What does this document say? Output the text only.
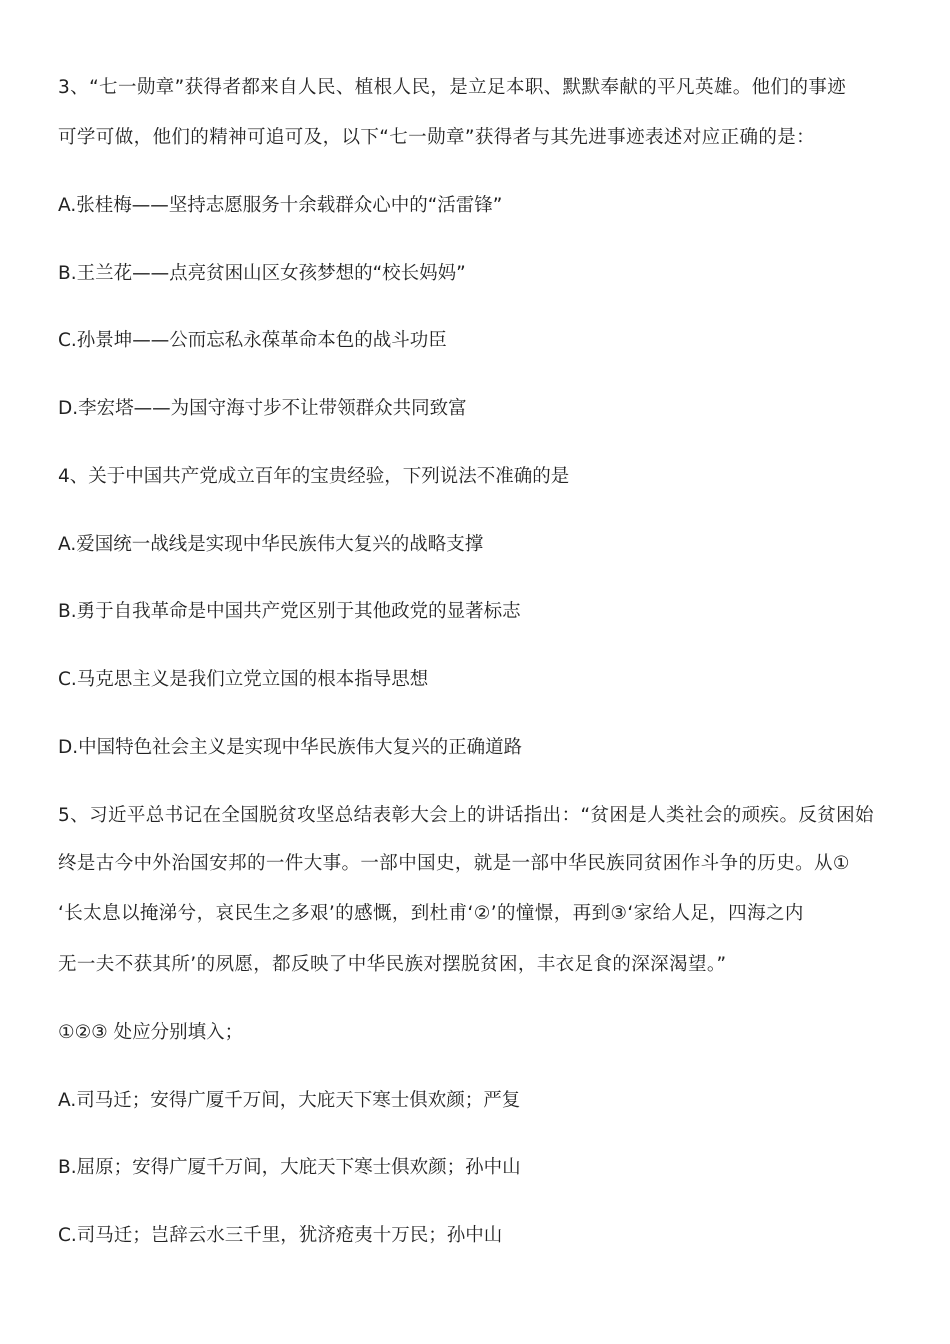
3、“七一勋章”获得者都来自人民、植根人民，是立足本职、默默奉献的平凡英雄。他们的事迹
可学可做，他们的精神可追可及，以下“七一勋章”获得者与其先进事迹表述对应正确的是：
A.张桂梅——坚持志愿服务十余载群众心中的“活雷锋”
B.王兰花——点亮贫困山区女孩梦想的“校长妈妈”
C.孙景坤——公而忘私永葆革命本色的战斗功臣
D.李宏塔——为国守海寸步不让带领群众共同致富
4、关于中国共产党成立百年的宝贵经验，下列说法不准确的是
A.爱国统一战线是实现中华民族伟大复兴的战略支撑
B.勇于自我革命是中国共产党区别于其他政党的显著标志
C.马克思主义是我们立党立国的根本指导思想
D.中国特色社会主义是实现中华民族伟大复兴的正确道路
5、习近平总书记在全国脱贫攻坚总结表彰大会上的讲话指出：“贫困是人类社会的顽疾。反贫困始
终是古今中外治国安邦的一件大事。一部中国史，就是一部中华民族同贫困作斗争的历史。从①
‘长太息以掩涕兮，哀民生之多艰’的感慨，到杜甫‘②’的憧憬，再到③‘家给人足，四海之内
无一夫不获其所’的夙愿，都反映了中华民族对摆脱贫困，丰衣足食的深深渴望。”
①②③ 处应分别填入；
A.司马迁；安得广厦千万间，大庇天下寒士俱欢颜；严复
B.屈原；安得广厦千万间，大庇天下寒士俱欢颜；孙中山
C.司马迁；岂辞云水三千里，犹济疮夷十万民；孙中山
